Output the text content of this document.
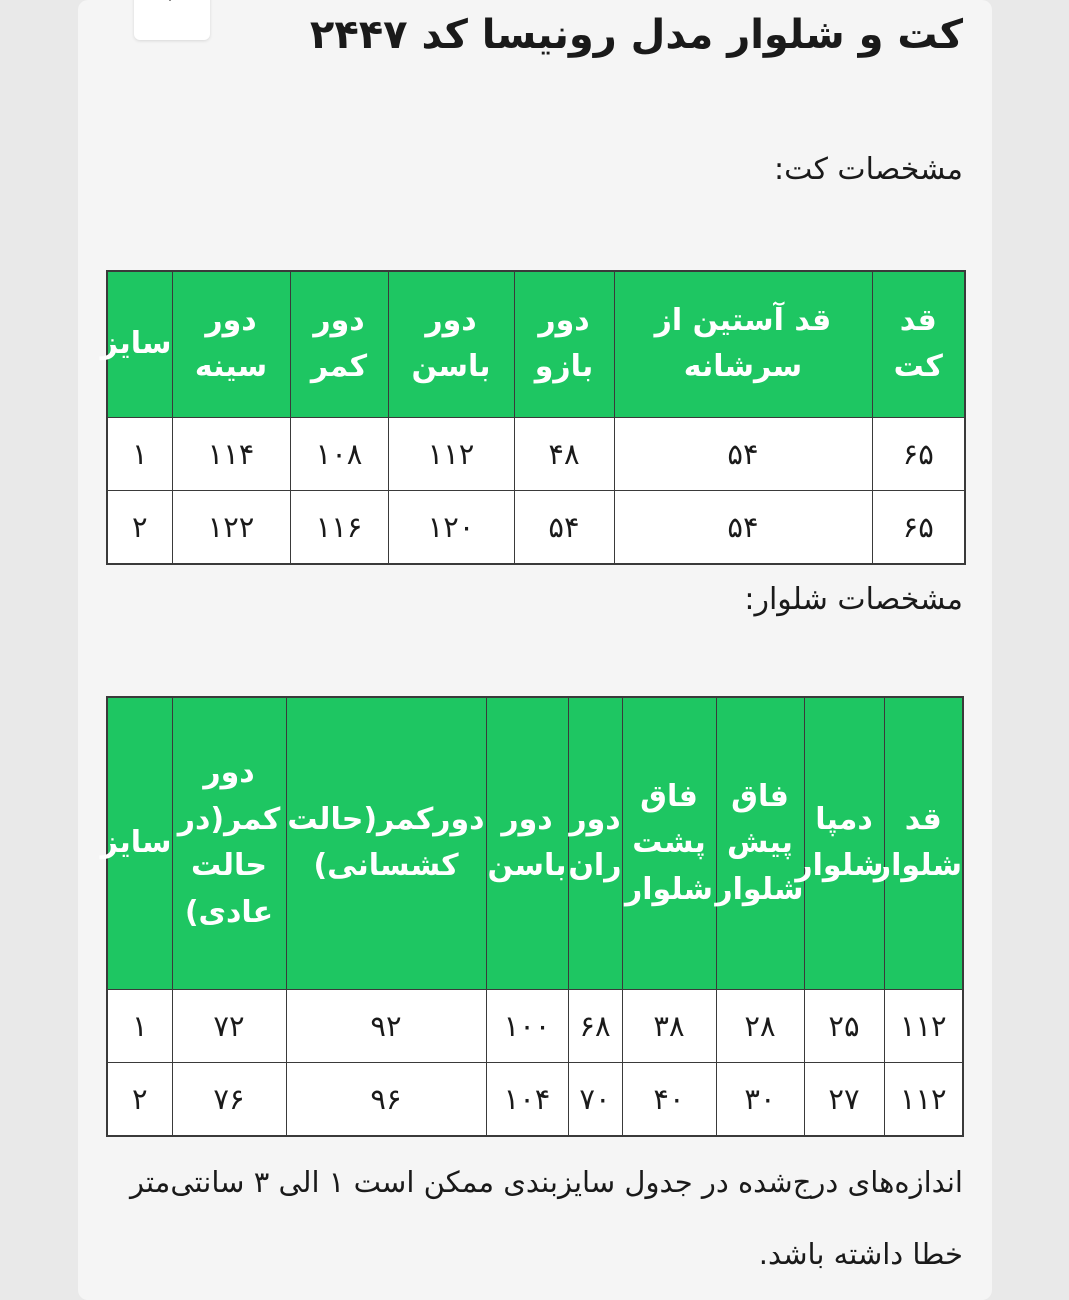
کت و شلوار مدل رونیسا کد ۲۴۴۷
مشخصات کت:
قد کت	قد آستین از سرشانه	دور بازو	دور باسن	دور کمر	دور سینه	سایز
۶۵	۵۴	۴۸	۱۱۲	۱۰۸	۱۱۴	۱
۶۵	۵۴	۵۴	۱۲۰	۱۱۶	۱۲۲	۲
مشخصات شلوار:
قد شلوار	دمپا شلوار	فاق پیش شلوار	فاق پشت شلوار	دور ران	دور باسن	دورکمر(حالت کشسانی)	دور کمر(در حالت عادی)	سایز
۱۱۲	۲۵	۲۸	۳۸	۶۸	۱۰۰	۹۲	۷۲	۱
۱۱۲	۲۷	۳۰	۴۰	۷۰	۱۰۴	۹۶	۷۶	۲

اندازه‌های درج‌شده در جدول سایزبندی ممکن است ۱ الی ۳ سانتی‌متر خطا داشته باشد.
